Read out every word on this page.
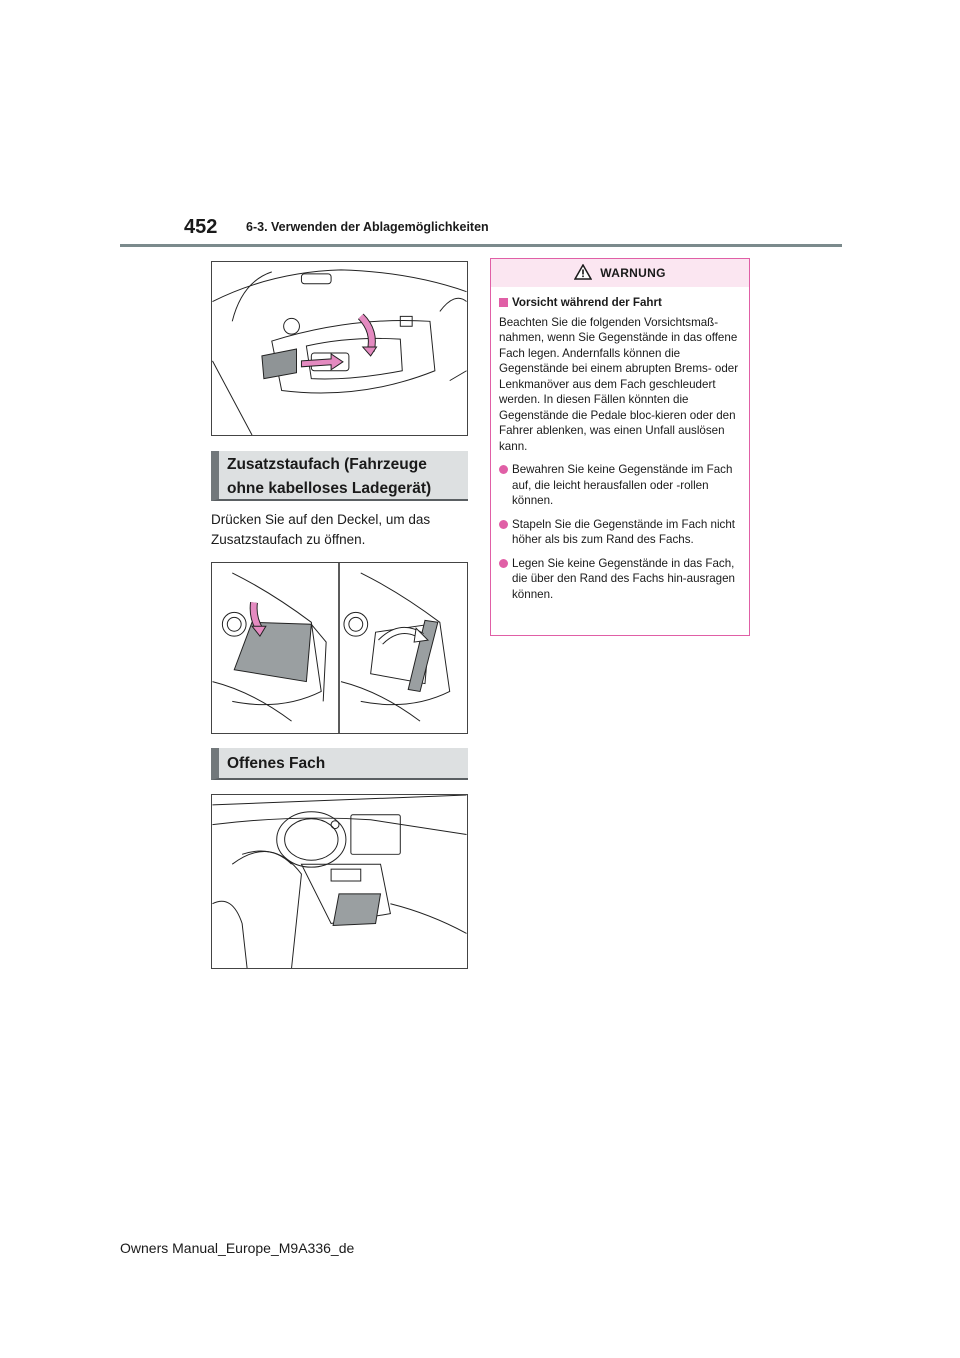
452 6-3. Verwenden der Ablagemöglichkeiten
Zusatzstaufach (Fahrzeuge ohne kabelloses Ladegerät)
Drücken Sie auf den Deckel, um das Zusatzstaufach zu öffnen.
Offenes Fach
WARNUNG
Vorsicht während der Fahrt
Beachten Sie die folgenden Vorsichtsmaß-nahmen, wenn Sie Gegenstände in das offene Fach legen. Andernfalls können die Gegenstände bei einem abrupten Brems- oder Lenkmanöver aus dem Fach geschleudert werden. In diesen Fällen könnten die Gegenstände die Pedale bloc-kieren oder den Fahrer ablenken, was einen Unfall auslösen kann.
Bewahren Sie keine Gegenstände im Fach auf, die leicht herausfallen oder -rollen können.
Stapeln Sie die Gegenstände im Fach nicht höher als bis zum Rand des Fachs.
Legen Sie keine Gegenstände in das Fach, die über den Rand des Fachs hin-ausragen können.
Owners Manual_Europe_M9A336_de
